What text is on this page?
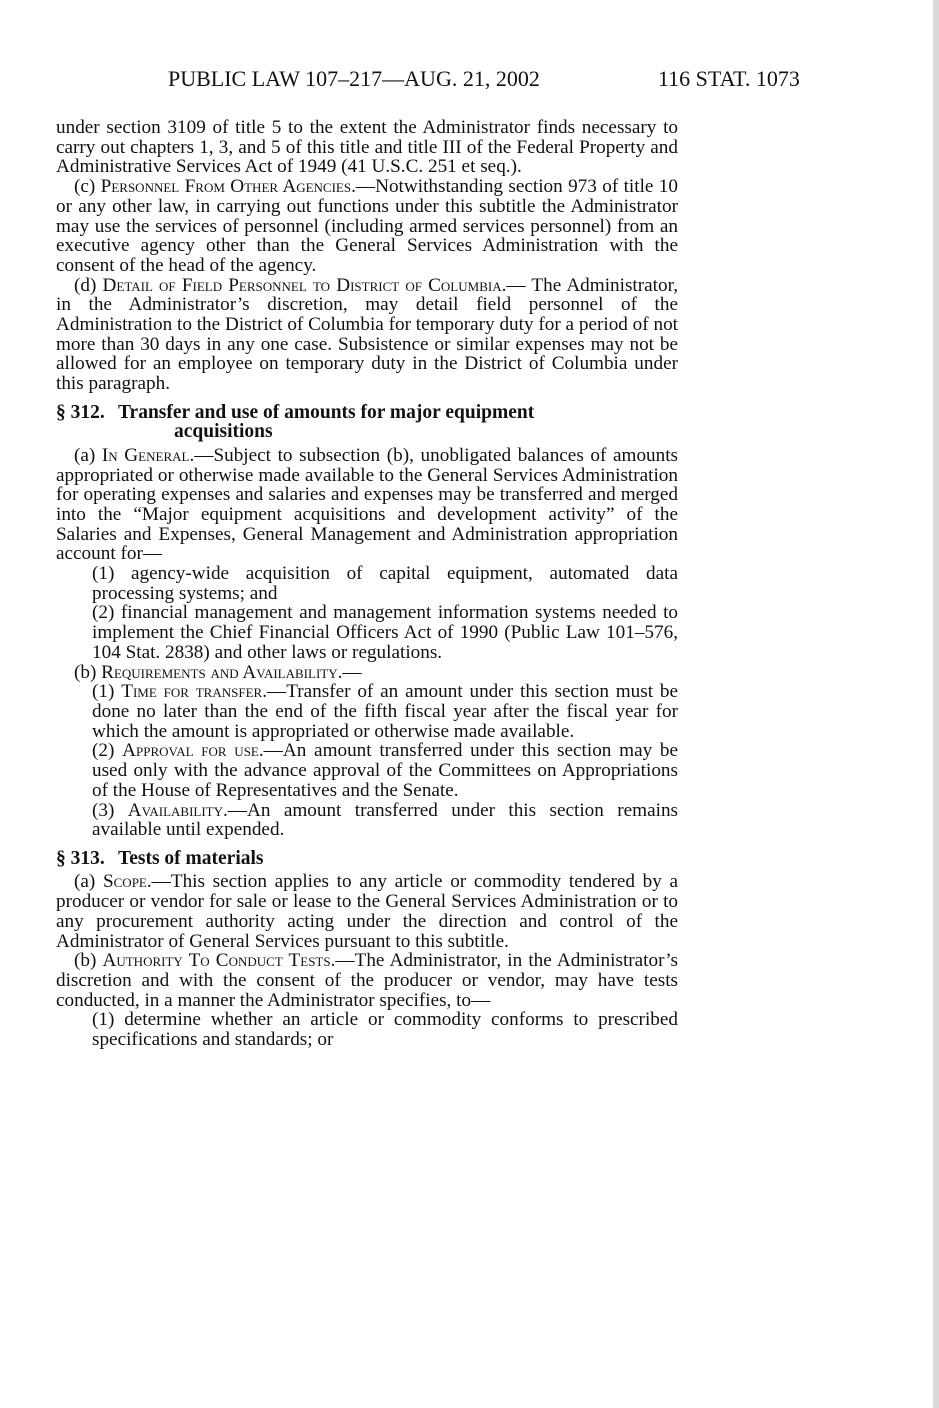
PUBLIC LAW 107–217—AUG. 21, 2002	116 STAT. 1073

under section 3109 of title 5 to the extent the Administrator finds necessary to carry out chapters 1, 3, and 5 of this title and title III of the Federal Property and Administrative Services Act of 1949 (41 U.S.C. 251 et seq.).

(c) Personnel From Other Agencies.—Notwithstanding section 973 of title 10 or any other law, in carrying out functions under this subtitle the Administrator may use the services of personnel (including armed services personnel) from an executive agency other than the General Services Administration with the consent of the head of the agency.

(d) Detail of Field Personnel to District of Columbia.— The Administrator, in the Administrator’s discretion, may detail field personnel of the Administration to the District of Columbia for temporary duty for a period of not more than 30 days in any one case. Subsistence or similar expenses may not be allowed for an employee on temporary duty in the District of Columbia under this paragraph.

§ 312. Transfer and use of amounts for major equipment
acquisitions

(a) In General.—Subject to subsection (b), unobligated balances of amounts appropriated or otherwise made available to the General Services Administration for operating expenses and salaries and expenses may be transferred and merged into the “Major equipment acquisitions and development activity” of the Salaries and Expenses, General Management and Administration appropriation account for—

(1) agency-wide acquisition of capital equipment, automated data processing systems; and

(2) financial management and management information systems needed to implement the Chief Financial Officers Act of 1990 (Public Law 101–576, 104 Stat. 2838) and other laws or regulations.

(b) Requirements and Availability.—

(1) Time for transfer.—Transfer of an amount under this section must be done no later than the end of the fifth fiscal year after the fiscal year for which the amount is appropriated or otherwise made available.

(2) Approval for use.—An amount transferred under this section may be used only with the advance approval of the Committees on Appropriations of the House of Representatives and the Senate.

(3) Availability.—An amount transferred under this section remains available until expended.

§ 313. Tests of materials

(a) Scope.—This section applies to any article or commodity tendered by a producer or vendor for sale or lease to the General Services Administration or to any procurement authority acting under the direction and control of the Administrator of General Services pursuant to this subtitle.

(b) Authority To Conduct Tests.—The Administrator, in the Administrator’s discretion and with the consent of the producer or vendor, may have tests conducted, in a manner the Administrator specifies, to—

(1) determine whether an article or commodity conforms to prescribed specifications and standards; or
